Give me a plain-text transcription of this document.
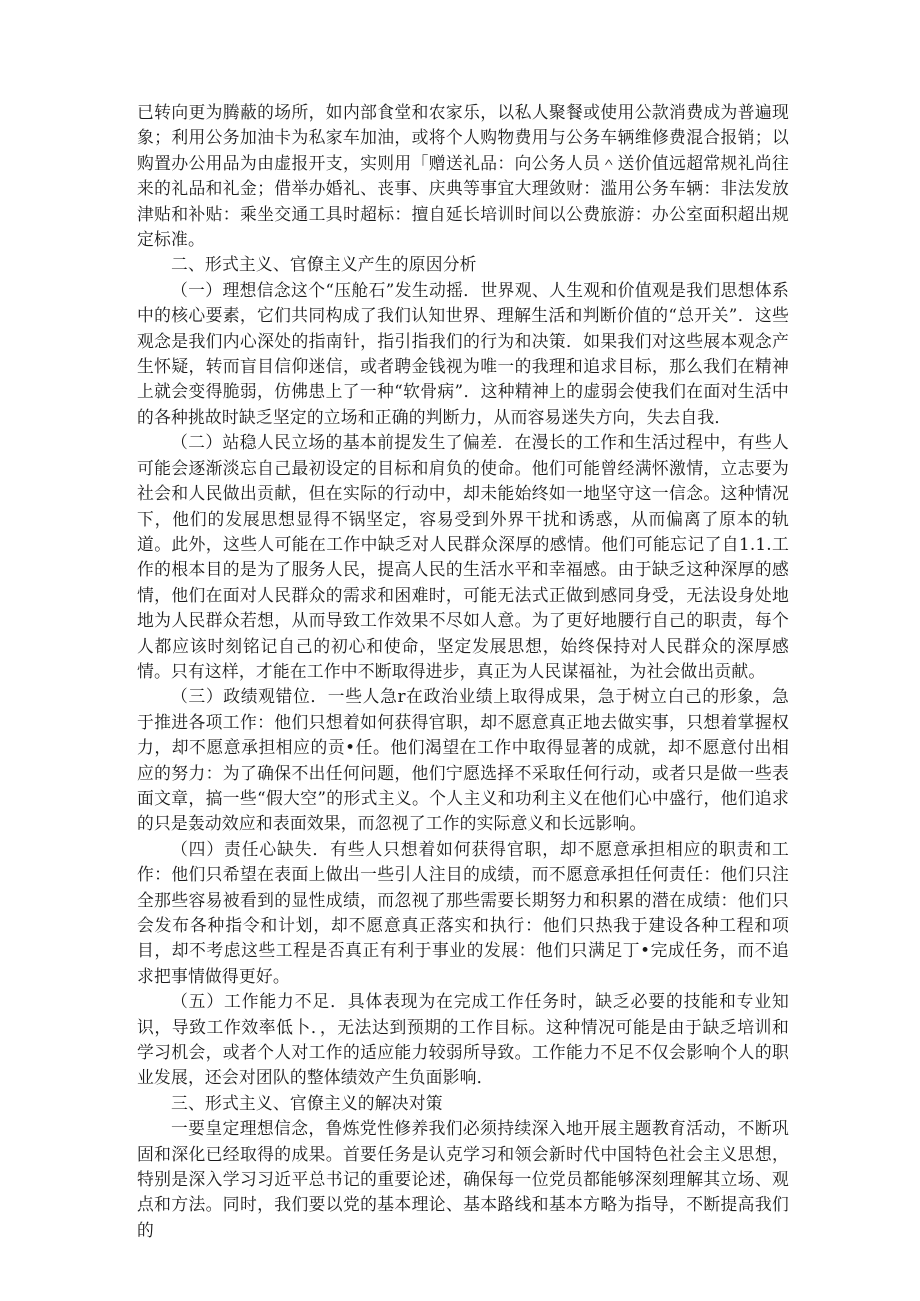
已转向更为腾蔽的场所，如内部食堂和农家乐，以私人聚餐或使用公款消费成为普遍现象；利用公务加油卡为私家车加油，或将个人购物费用与公务车辆维修费混合报销；以购置办公用品为由虚报开支，实则用「赠送礼品：向公务人员＾送价值远超常规礼尚往来的礼品和礼金；借举办婚礼、丧事、庆典等事宜大理敛财：滥用公务车辆：非法发放津贴和补贴：乘坐交通工具时超标：擅自延长培训时间以公费旅游：办公室面积超出规定标准。

二、形式主义、官僚主义产生的原因分析

（一）理想信念这个“压舱石”发生动摇．世界观、人生观和价值观是我们思想体系中的核心要素，它们共同构成了我们认知世界、理解生活和判断价值的“总开关”．这些观念是我们内心深处的指南针，指引指我们的行为和决策．如果我们对这些展本观念产生怀疑，转而盲目信仰迷信，或者聘金钱视为唯一的我理和追求目标，那么我们在精神上就会变得脆弱，仿佛患上了一种“软骨病”．这种精神上的虚弱会使我们在面对生活中的各种挑故时缺乏坚定的立场和正确的判断力，从而容易迷失方向，失去自我．

（二）站稳人民立场的基本前提发生了偏差．在漫长的工作和生活过程中，有些人可能会逐渐淡忘自己最初设定的目标和肩负的使命。他们可能曾经满怀激情，立志要为社会和人民做出贡献，但在实际的行动中，却未能始终如一地坚守这一信念。这种情况下，他们的发展思想显得不锅坚定，容易受到外界干扰和诱惑，从而偏离了原本的轨道。此外，这些人可能在工作中缺乏对人民群众深厚的感情。他们可能忘记了自1.1.工作的根本目的是为了服务人民，提高人民的生活水平和幸福感。由于缺乏这种深厚的感情，他们在面对人民群众的需求和困难时，可能无法式正做到感同身受，无法设身处地地为人民群众若想，从而导致工作效果不尽如人意。为了更好地腰行自己的职责，每个人都应该时刻铭记自己的初心和使命，坚定发展思想，始终保持对人民群众的深厚感情。只有这样，才能在工作中不断取得进步，真正为人民谋福祉，为社会做出贡献。

（三）政绩观错位．一些人急r在政治业绩上取得成果，急于树立白己的形象，急于推进各项工作：他们只想着如何获得官职，却不愿意真正地去做实事，只想着掌握权力，却不愿意承担相应的贡•任。他们渴望在工作中取得显著的成就，却不愿意付出相应的努力：为了确保不出任何问题，他们宁愿选择不采取任何行动，或者只是做一些表面文章，搞一些“假大空”的形式主义。个人主义和功利主义在他们心中盛行，他们追求的只是轰动效应和表面效果，而忽视了工作的实际意义和长远影响。

（四）责任心缺失．有些人只想着如何获得官职，却不愿意承担相应的职责和工作：他们只希望在表面上做出一些引人注目的成绩，而不愿意承担任何责任：他们只注全那些容易被看到的显性成绩，而忽视了那些需要长期努力和积累的潜在成绩：他们只会发布各种指令和计划，却不愿意真正落实和执行：他们只热我于建设各种工程和项目，却不考虑这些工程是否真正有利于事业的发展：他们只满足丁•完成任务，而不追求把事情做得更好。

（五）工作能力不足．具体表现为在完成工作任务时，缺乏必要的技能和专业知识，导致工作效率低卜．，无法达到预期的工作目标。这种情况可能是由于缺乏培训和学习机会，或者个人对工作的适应能力较弱所导致。工作能力不足不仅会影响个人的职业发展，还会对团队的整体绩效产生负面影响．

三、形式主义、官僚主义的解决对策

一要皇定理想信念，鲁炼党性修养我们必须持续深入地开展主题教育活动，不断巩固和深化已经取得的成果。首要任务是认克学习和领会新时代中国特色社会主义思想，特别是深入学习习近平总书记的重要论述，确保每一位党员都能够深刻理解其立场、观点和方法。同时，我们要以党的基本理论、基本路线和基本方略为指导，不断提高我们的
